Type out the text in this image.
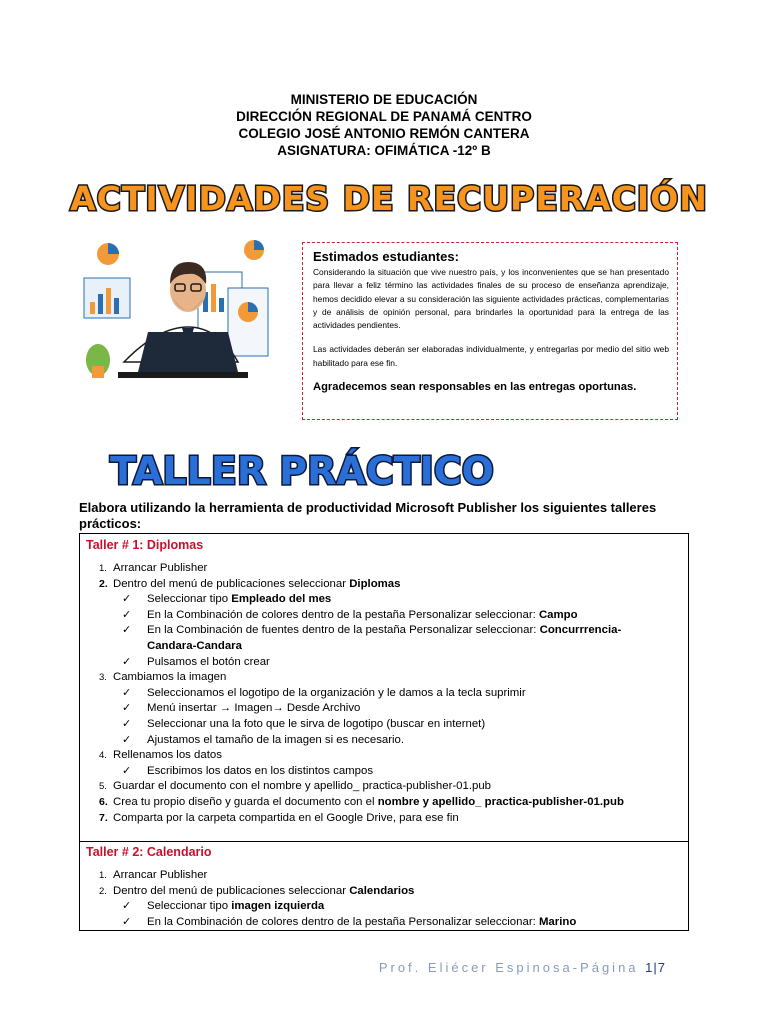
MINISTERIO DE EDUCACIÓN
DIRECCIÓN REGIONAL DE PANAMÁ CENTRO
COLEGIO JOSÉ ANTONIO REMÓN CANTERA
ASIGNATURA: OFIMÁTICA -12º B
ACTIVIDADES DE RECUPERACIÓN
Estimados estudiantes:

Considerando la situación que vive nuestro país, y los inconvenientes que se han presentado para llevar a feliz término las actividades finales de su proceso de enseñanza aprendizaje, hemos decidido elevar a su consideración las siguiente actividades prácticas, complementarias y de análisis de opinión personal, para brindarles la oportunidad para la entrega de las actividades pendientes.

Las actividades deberán ser elaboradas individualmente, y entregarlas por medio del sitio web habilitado para ese fin.

Agradecemos sean responsables en las entregas oportunas.
TALLER PRÁCTICO
Elabora utilizando la herramienta de productividad Microsoft Publisher los siguientes talleres prácticos:
Taller # 1: Diplomas
1. Arrancar Publisher
2. Dentro del menú de publicaciones seleccionar Diplomas
✓ Seleccionar tipo Empleado del mes
✓ En la Combinación de colores dentro de la pestaña Personalizar seleccionar: Campo
✓ En la Combinación de fuentes dentro de la pestaña Personalizar seleccionar: Concurrrencia-
Candara-Candara
✓ Pulsamos el botón crear
3. Cambiamos la imagen
✓ Seleccionamos el logotipo de la organización y le damos a la tecla suprimir
✓ Menú insertar → Imagen→ Desde Archivo
✓ Seleccionar una la foto que le sirva de logotipo (buscar en internet)
✓ Ajustamos el tamaño de la imagen si es necesario.
4. Rellenamos los datos
✓ Escribimos los datos en los distintos campos
5. Guardar el documento con el nombre y apellido_ practica-publisher-01.pub
6. Crea tu propio diseño y guarda el documento con el nombre y apellido_ practica-publisher-01.pub
7. Comparta por la carpeta compartida en el Google Drive, para ese fin
Taller # 2: Calendario
1. Arrancar Publisher
2. Dentro del menú de publicaciones seleccionar Calendarios
✓ Seleccionar tipo imagen izquierda
✓ En la Combinación de colores dentro de la pestaña Personalizar seleccionar: Marino
Prof. Eliécer Espinosa-Página 1|7
